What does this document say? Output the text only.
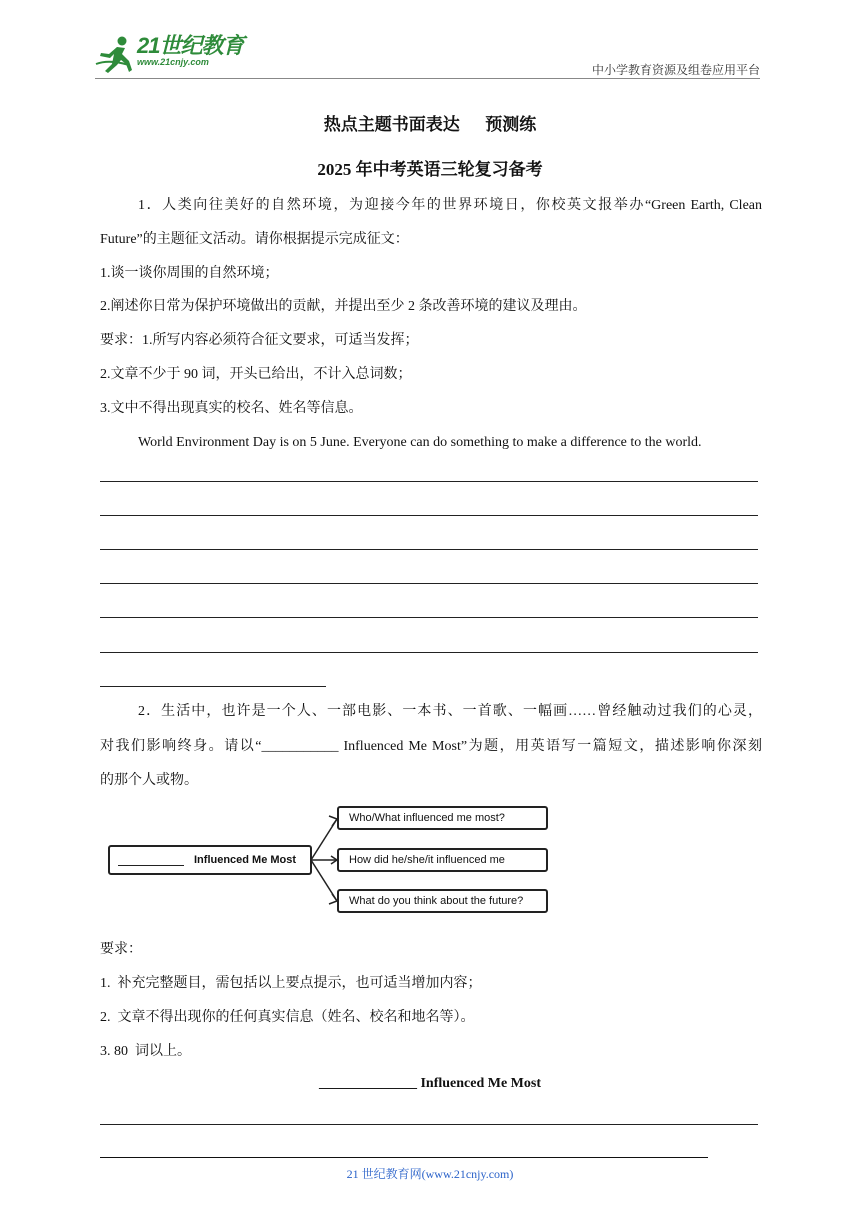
21世纪教育
www.21cnjy.com
中小学教育资源及组卷应用平台
热点主题书面表达      预测练
2025 年中考英语三轮复习备考
1．人类向往美好的自然环境，为迎接今年的世界环境日，你校英文报举办“Green Earth, Clean
Future”的主题征文活动。请你根据提示完成征文：
1.谈一谈你周围的自然环境；
2.阐述你日常为保护环境做出的贡献，并提出至少 2 条改善环境的建议及理由。
要求：1.所写内容必须符合征文要求，可适当发挥；
2.文章不少于 90 词，开头已给出，不计入总词数；
3.文中不得出现真实的校名、姓名等信息。
World Environment Day is on 5 June. Everyone can do something to make a difference to the world.
2．生活中，也许是一个人、一部电影、一本书、一首歌、一幅画……曾经触动过我们的心灵，
对我们影响终身。请以“___________ Influenced Me Most”为题，用英语写一篇短文，描述影响你深刻
的那个人或物。
Influenced Me Most
Who/What influenced me most?
How did he/she/it influenced me
What do you think about the future?
要求：
1.  补充完整题目，需包括以上要点提示，也可适当增加内容；
2.  文章不得出现你的任何真实信息（姓名、校名和地名等）。
3. 80  词以上。
______________ Influenced Me Most
21 世纪教育网(www.21cnjy.com)
